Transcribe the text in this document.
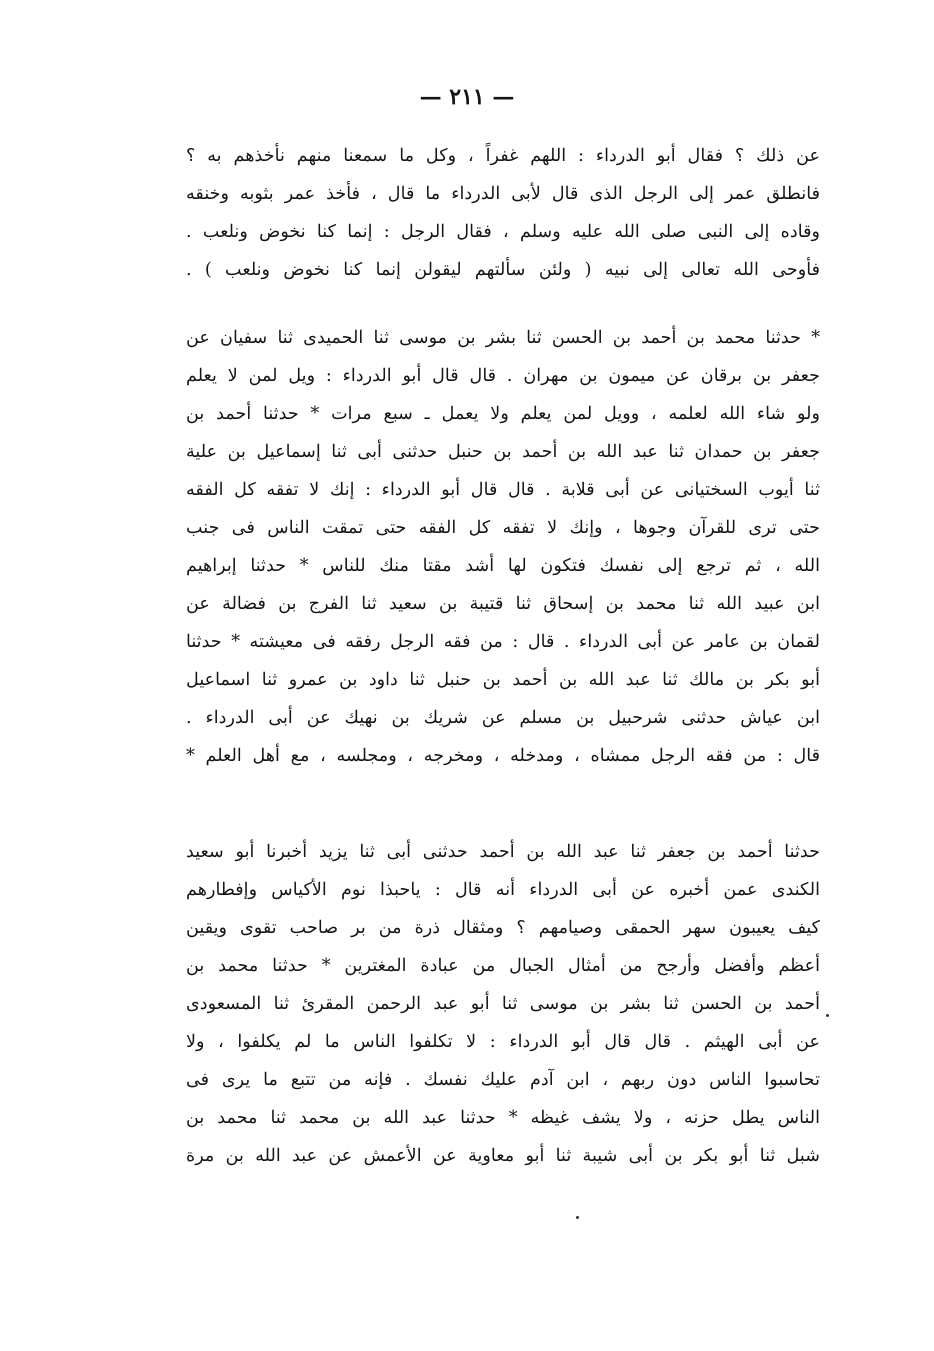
— ٢١١ —
عن ذلك ؟ فقال أبو الدرداء : اللهم غفراً ، وكل ما سمعنا منهم نأخذهم به ؟
فانطلق عمر إلى الرجل الذى قال لأبى الدرداء ما قال ، فأخذ عمر بثوبه وخنقه
وقاده إلى النبى صلى الله عليه وسلم ، فقال الرجل : إنما كنا نخوض ونلعب .
فأوحى الله تعالى إلى نبيه ( ولئن سألتهم ليقولن إنما كنا نخوض ونلعب ) .
* حدثنا محمد بن أحمد بن الحسن ثنا بشر بن موسى ثنا الحميدى ثنا سفيان عن
جعفر بن برقان عن ميمون بن مهران . قال قال أبو الدرداء : ويل لمن لا يعلم
ولو شاء الله لعلمه ، وويل لمن يعلم ولا يعمل ـ سبع مرات * حدثنا أحمد بن
جعفر بن حمدان ثنا عبد الله بن أحمد بن حنبل حدثنى أبى ثنا إسماعيل بن علية
ثنا أيوب السختيانى عن أبى قلابة . قال قال أبو الدرداء : إنك لا تفقه كل الفقه
حتى ترى للقرآن وجوها ، وإنك لا تفقه كل الفقه حتى تمقت الناس فى جنب
الله ، ثم ترجع إلى نفسك فتكون لها أشد مقتا منك للناس * حدثنا إبراهيم
ابن عبيد الله ثنا محمد بن إسحاق ثنا قتيبة بن سعيد ثنا الفرج بن فضالة عن
لقمان بن عامر عن أبى الدرداء . قال : من فقه الرجل رفقه فى معيشته * حدثنا
أبو بكر بن مالك ثنا عبد الله بن أحمد بن حنبل ثنا داود بن عمرو ثنا اسماعيل
ابن عياش حدثنى شرحبيل بن مسلم عن شريك بن نهيك عن أبى الدرداء .
قال : من فقه الرجل ممشاه ، ومدخله ، ومخرجه ، ومجلسه ، مع أهل العلم *
حدثنا أحمد بن جعفر ثنا عبد الله بن أحمد حدثنى أبى ثنا يزيد أخبرنا أبو سعيد
الكندى عمن أخبره عن أبى الدرداء أنه قال : ياحبذا نوم الأكياس وإفطارهم
كيف يعيبون سهر الحمقى وصيامهم ؟ ومثقال ذرة من بر صاحب تقوى ويقين
أعظم وأفضل وأرجح من أمثال الجبال من عبادة المغترين * حدثنا محمد بن
أحمد بن الحسن ثنا بشر بن موسى ثنا أبو عبد الرحمن المقرئ ثنا المسعودى
عن أبى الهيثم . قال قال أبو الدرداء : لا تكلفوا الناس ما لم يكلفوا ، ولا
تحاسبوا الناس دون ربهم ، ابن آدم عليك نفسك . فإنه من تتبع ما يرى فى
الناس يطل حزنه ، ولا يشف غيظه * حدثنا عبد الله بن محمد ثنا محمد بن
شبل ثنا أبو بكر بن أبى شيبة ثنا أبو معاوية عن الأعمش عن عبد الله بن مرة
